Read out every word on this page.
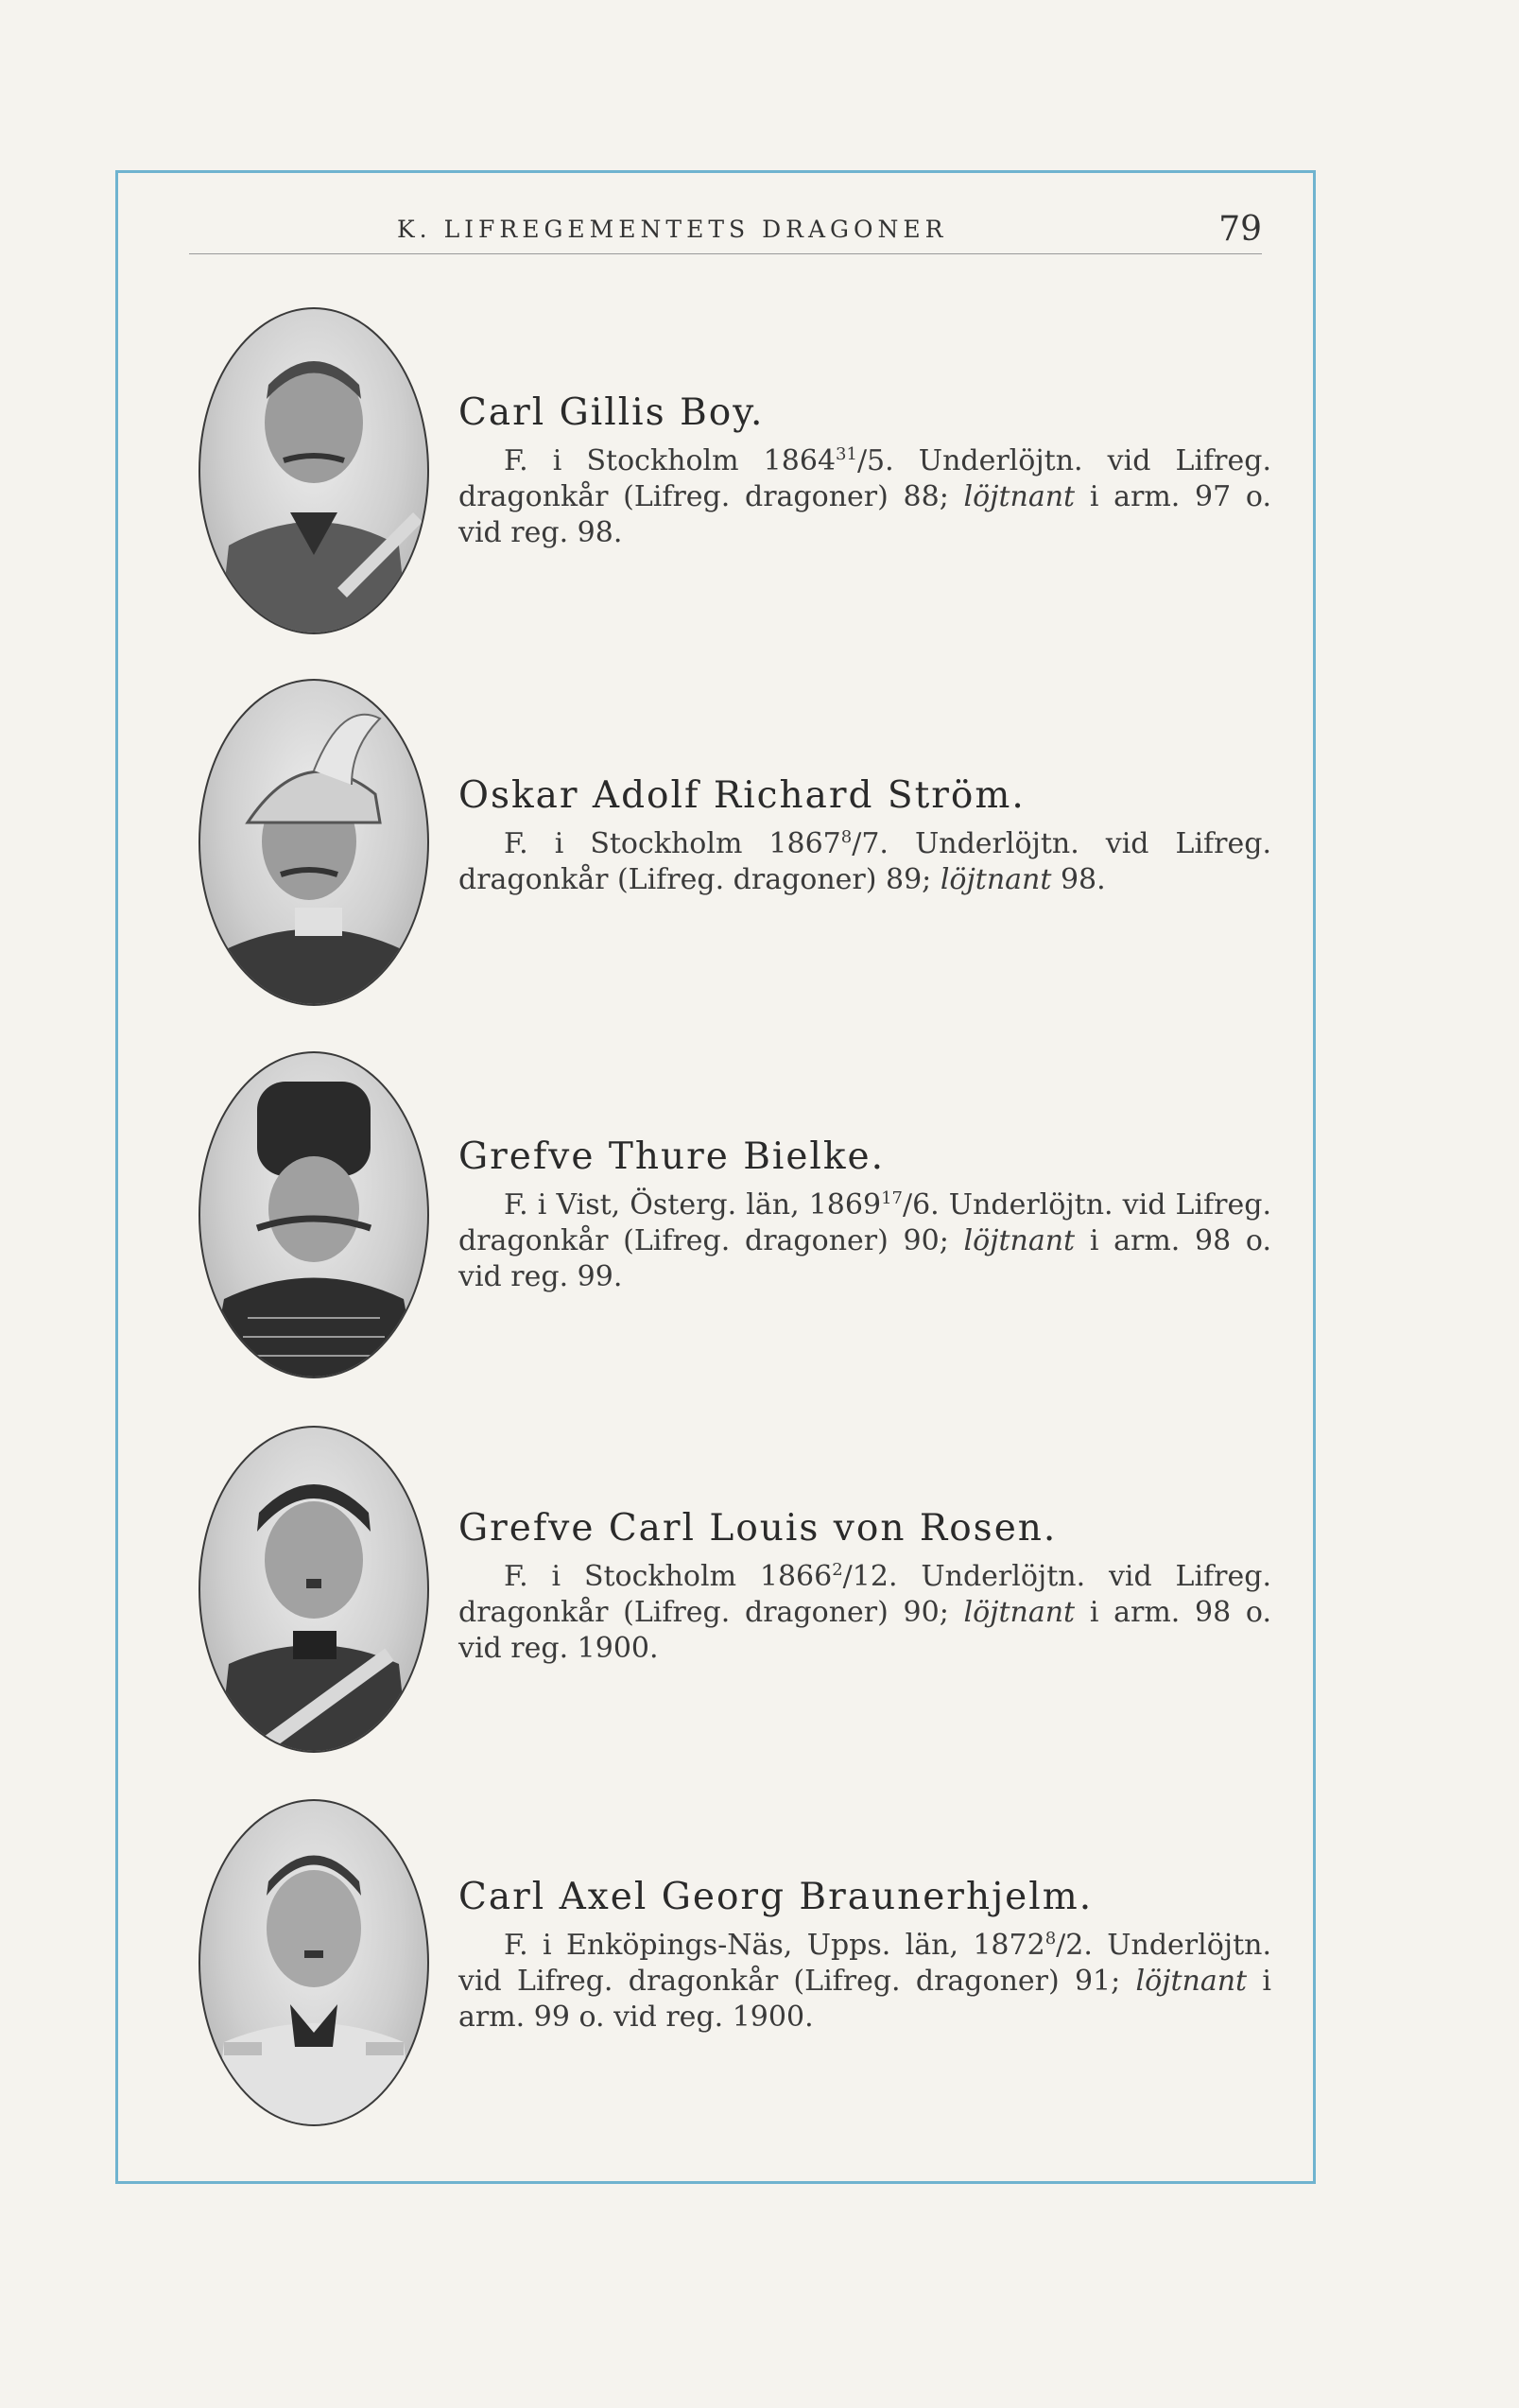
K. LIFREGEMENTETS DRAGONER	79

Carl Gillis Boy.

F. i Stockholm 1864$^{31}$/5. Underlöjtn. vid Lifreg. dragonkår (Lifreg. dragoner) 88; löjtnant i arm. 97 o. vid reg. 98.

Oskar Adolf Richard Ström.

F. i Stockholm 1867$^8$/7. Underlöjtn. vid Lifreg. dragonkår (Lifreg. dragoner) 89; löjtnant 98.

Grefve Thure Bielke.

F. i Vist, Österg. län, 1869$^{17}$/6. Underlöjtn. vid Lifreg. dragonkår (Lifreg. dragoner) 90; löjtnant i arm. 98 o. vid reg. 99.

Grefve Carl Louis von Rosen.

F. i Stockholm 1866$^2$/12. Underlöjtn. vid Lifreg. dragonkår (Lifreg. dragoner) 90; löjtnant i arm. 98 o. vid reg. 1900.

Carl Axel Georg Braunerhjelm.

F. i Enköpings-Näs, Upps. län, 1872$^8$/2. Underlöjtn. vid Lifreg. dragonkår (Lifreg. dragoner) 91; löjtnant i arm. 99 o. vid reg. 1900.
